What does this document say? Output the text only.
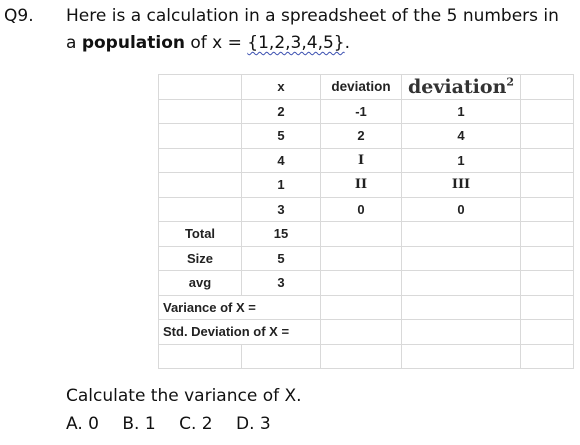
Q9. Here is a calculation in a spreadsheet of the 5 numbers in
a population of x = {1,2,3,4,5}.
	x	deviation	deviation$^2$	
	2	-1	1	
	5	2	4	
	4	I	1	
	1	II	III	
	3	0	0	
Total	15			
Size	5			
avg	3			
Variance of X =				
Std. Deviation of X =				

Calculate the variance of X.
A. 0 B. 1 C. 2 D. 3
